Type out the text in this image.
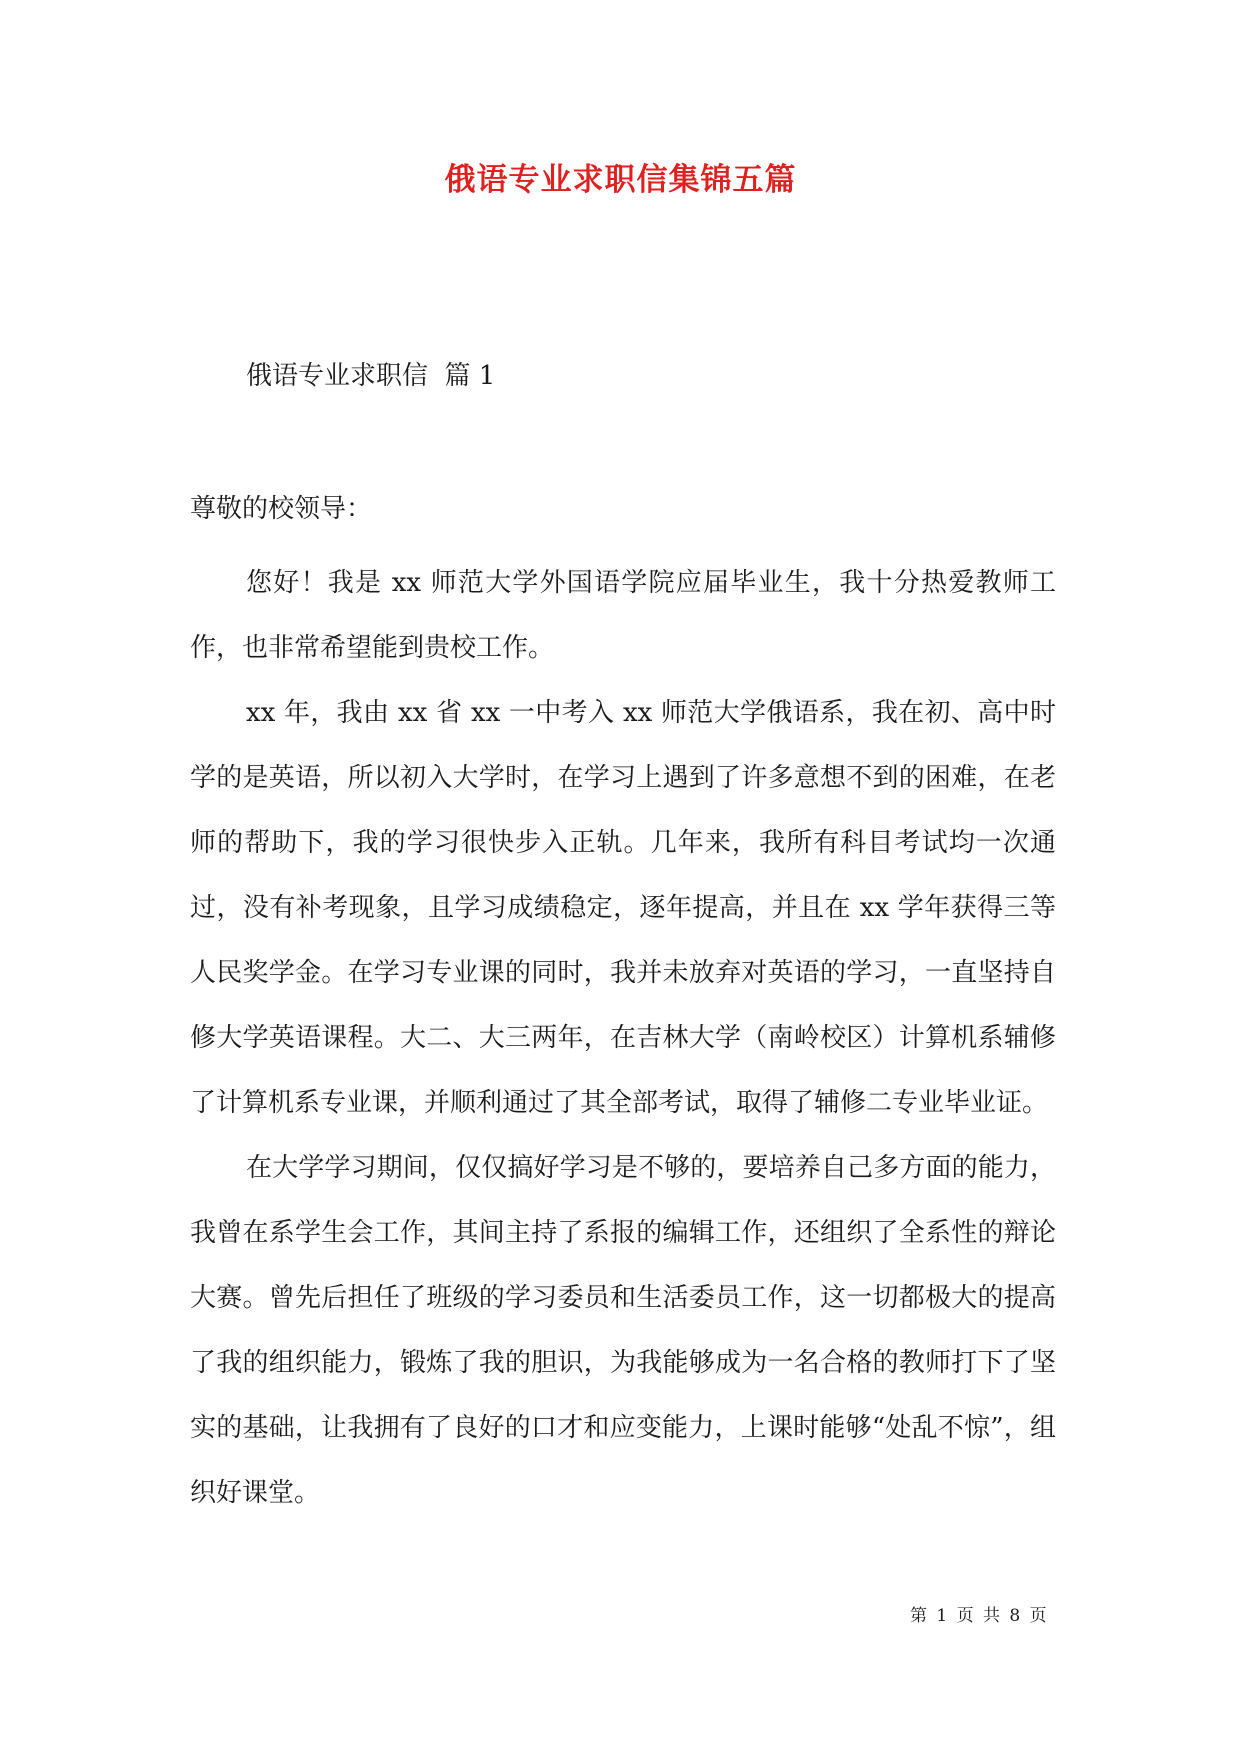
俄语专业求职信集锦五篇
俄语专业求职信  篇 1
尊敬的校领导：

您好！我是 xx 师范大学外国语学院应届毕业生，我十分热爱教师工作，也非常希望能到贵校工作。

xx 年，我由 xx 省 xx 一中考入 xx 师范大学俄语系，我在初、高中时学的是英语，所以初入大学时，在学习上遇到了许多意想不到的困难，在老师的帮助下，我的学习很快步入正轨。几年来，我所有科目考试均一次通过，没有补考现象，且学习成绩稳定，逐年提高，并且在 xx 学年获得三等人民奖学金。在学习专业课的同时，我并未放弃对英语的学习，一直坚持自修大学英语课程。大二、大三两年，在吉林大学（南岭校区）计算机系辅修了计算机系专业课，并顺利通过了其全部考试，取得了辅修二专业毕业证。

在大学学习期间，仅仅搞好学习是不够的，要培养自己多方面的能力，我曾在系学生会工作，其间主持了系报的编辑工作，还组织了全系性的辩论大赛。曾先后担任了班级的学习委员和生活委员工作，这一切都极大的提高了我的组织能力，锻炼了我的胆识，为我能够成为一名合格的教师打下了坚实的基础，让我拥有了良好的口才和应变能力，上课时能够“处乱不惊”，组织好课堂。

第 1 页 共 8 页
